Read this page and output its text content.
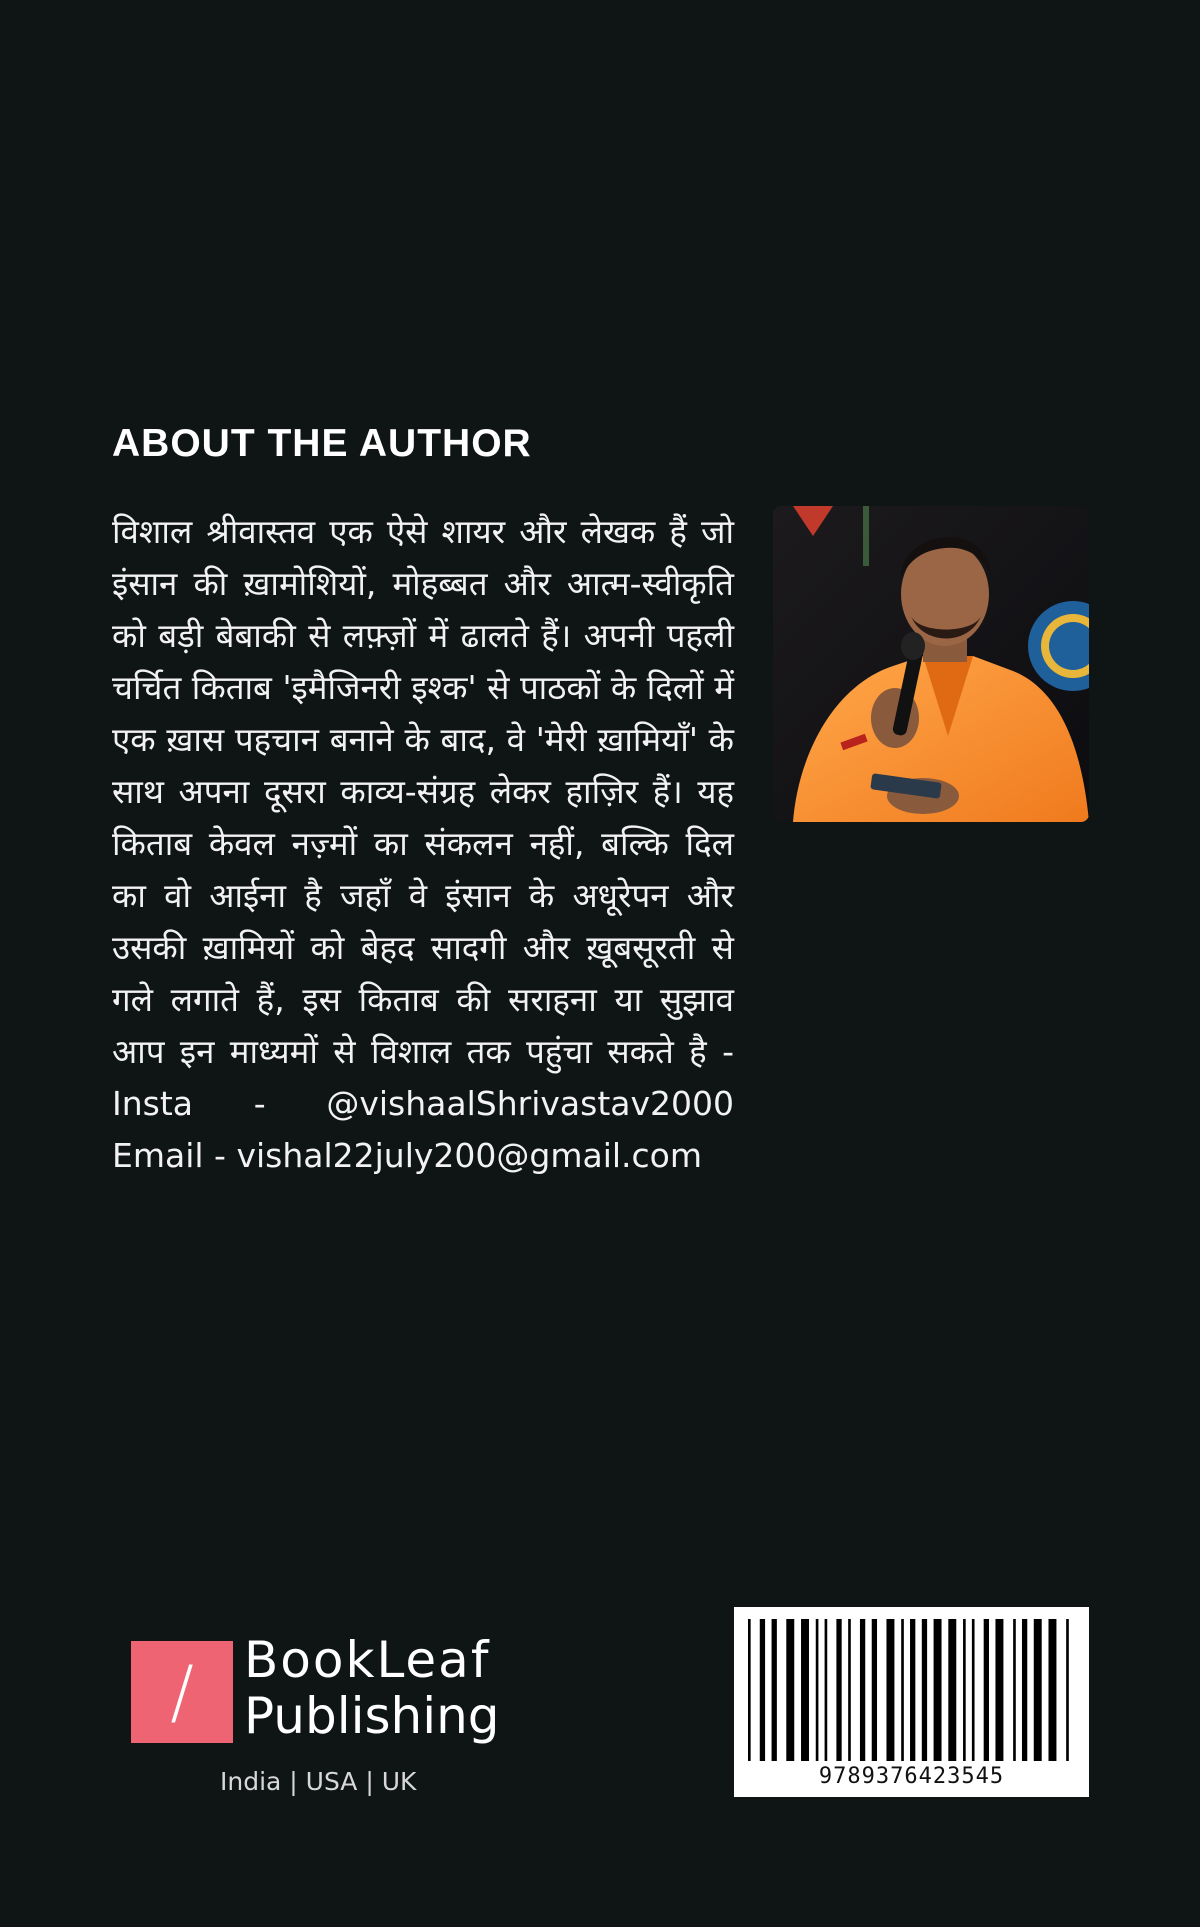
ABOUT THE AUTHOR

विशाल श्रीवास्तव एक ऐसे शायर और लेखक हैं जो इंसान की ख़ामोशियों, मोहब्बत और आत्म-स्वीकृति को बड़ी बेबाकी से लफ़्ज़ों में ढालते हैं। अपनी पहली चर्चित किताब 'इमैजिनरी इश्क' से पाठकों के दिलों में एक ख़ास पहचान बनाने के बाद, वे 'मेरी ख़ामियाँ' के साथ अपना दूसरा काव्य-संग्रह लेकर हाज़िर हैं। यह किताब केवल नज़्मों का संकलन नहीं, बल्कि दिल का वो आईना है जहाँ वे इंसान के अधूरेपन और उसकी ख़ामियों को बेहद सादगी और ख़ूबसूरती से गले लगाते हैं, इस किताब की सराहना या सुझाव आप इन माध्यमों से विशाल तक पहुंचा सकते है - Insta - @vishaalShrivastav2000 Email - vishal22july200@gmail.com

/	BookLeaf
Publishing
India | USA | UK	9789376423545
